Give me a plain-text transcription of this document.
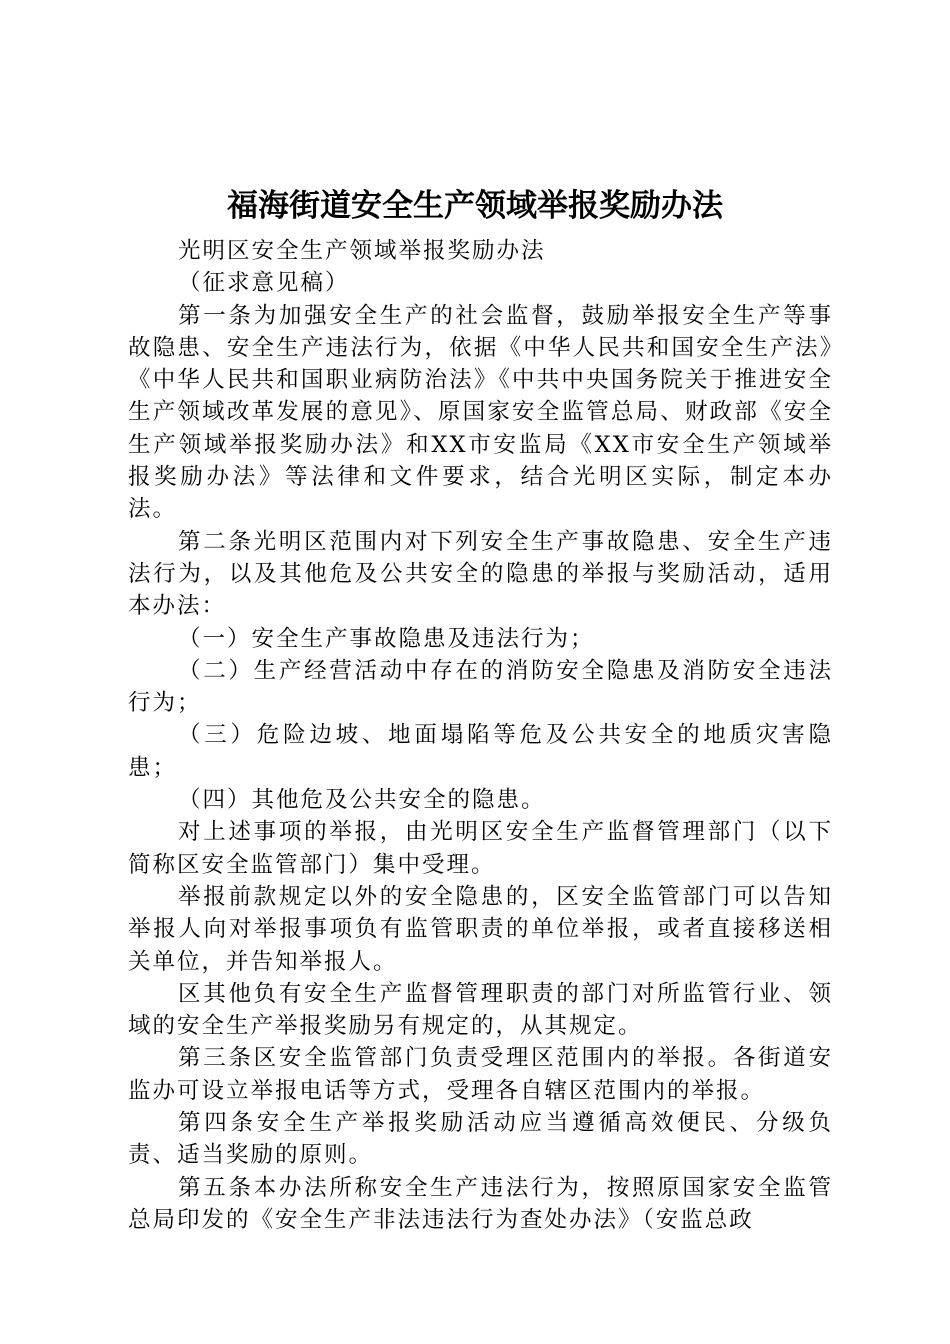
福海街道安全生产领域举报奖励办法

光明区安全生产领域举报奖励办法

（征求意见稿）

第一条为加强安全生产的社会监督，鼓励举报安全生产等事故隐患、安全生产违法行为，依据《中华人民共和国安全生产法》《中华人民共和国职业病防治法》《中共中央国务院关于推进安全生产领域改革发展的意见》、原国家安全监管总局、财政部《安全生产领域举报奖励办法》和XX市安监局《XX市安全生产领域举报奖励办法》等法律和文件要求，结合光明区实际，制定本办法。

第二条光明区范围内对下列安全生产事故隐患、安全生产违法行为，以及其他危及公共安全的隐患的举报与奖励活动，适用本办法：

（一）安全生产事故隐患及违法行为；

（二）生产经营活动中存在的消防安全隐患及消防安全违法行为；

（三）危险边坡、地面塌陷等危及公共安全的地质灾害隐患；

（四）其他危及公共安全的隐患。

对上述事项的举报，由光明区安全生产监督管理部门（以下简称区安全监管部门）集中受理。

举报前款规定以外的安全隐患的，区安全监管部门可以告知举报人向对举报事项负有监管职责的单位举报，或者直接移送相关单位，并告知举报人。

区其他负有安全生产监督管理职责的部门对所监管行业、领域的安全生产举报奖励另有规定的，从其规定。

第三条区安全监管部门负责受理区范围内的举报。各街道安监办可设立举报电话等方式，受理各自辖区范围内的举报。

第四条安全生产举报奖励活动应当遵循高效便民、分级负责、适当奖励的原则。

第五条本办法所称安全生产违法行为，按照原国家安全监管总局印发的《安全生产非法违法行为查处办法》（安监总政
